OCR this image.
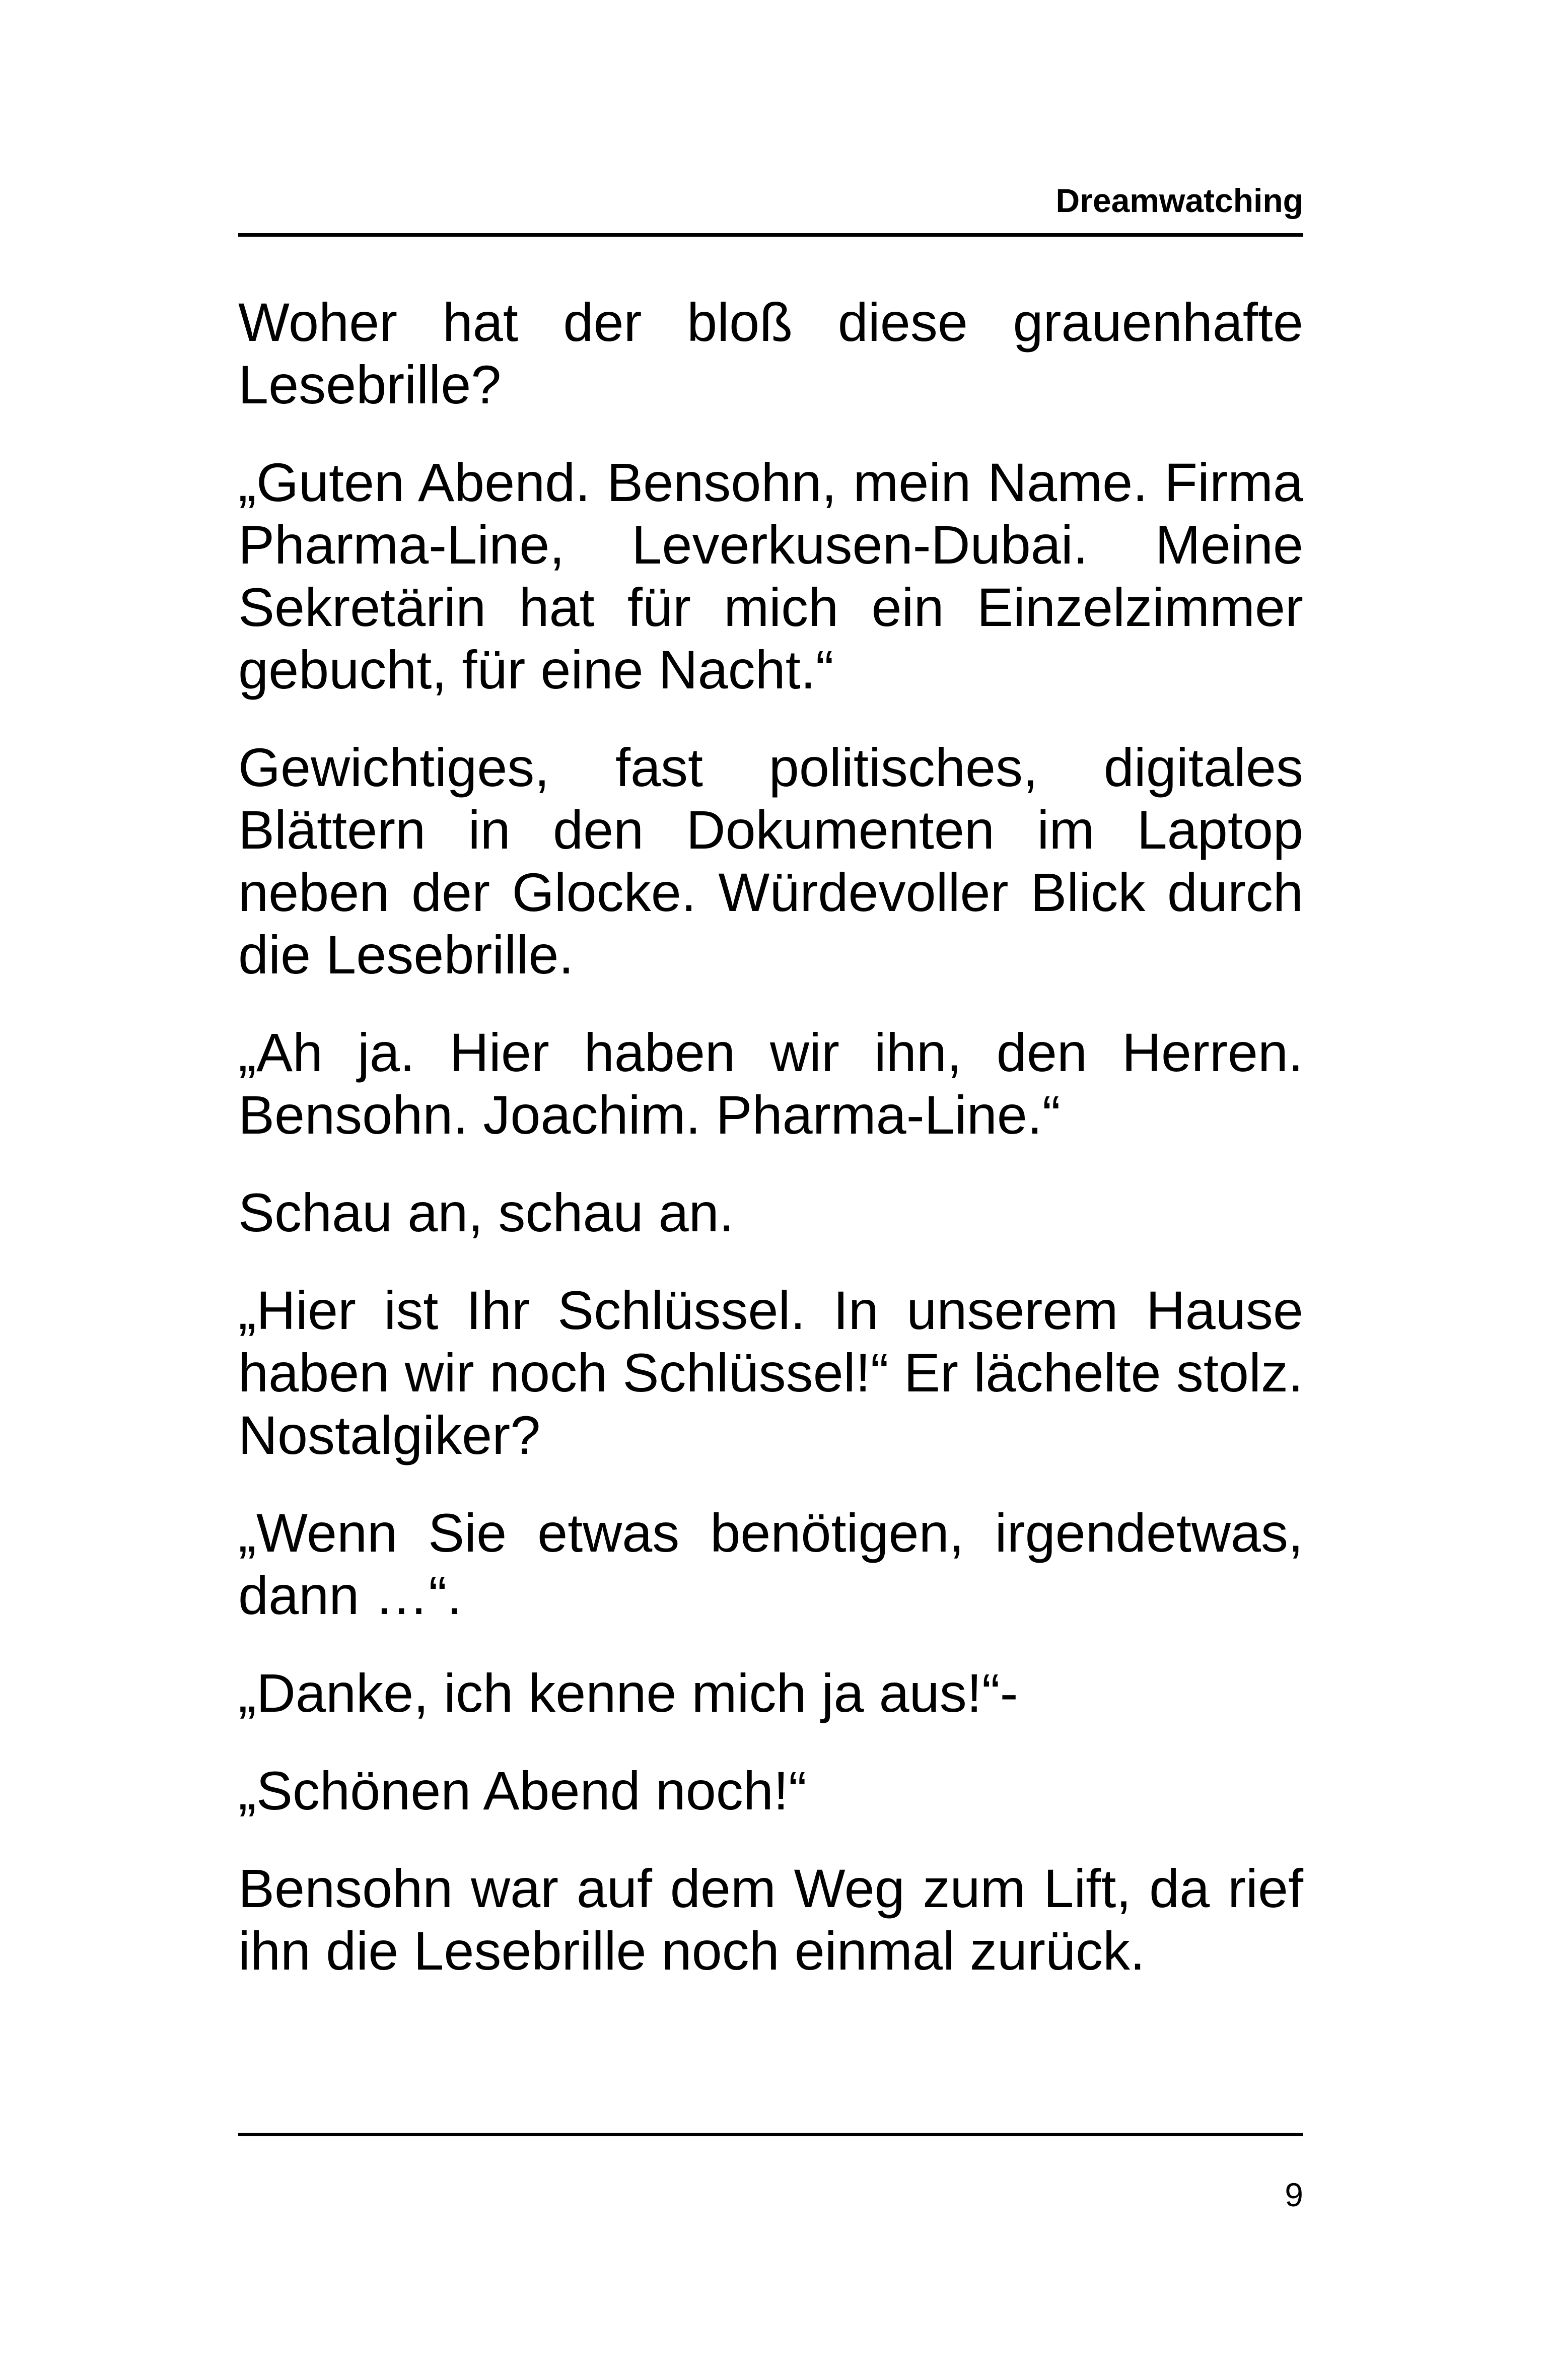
Dreamwatching

Woher hat der bloß diese grauenhafte Lesebrille?

„Guten Abend. Bensohn, mein Name. Firma Pharma-Line, Leverkusen-Dubai. Meine Sekretärin hat für mich ein Einzelzimmer gebucht, für eine Nacht.“

Gewichtiges, fast politisches, digitales Blättern in den Dokumenten im Laptop neben der Glocke. Würdevoller Blick durch die Lesebrille.

„Ah ja. Hier haben wir ihn, den Herren. Bensohn. Joachim. Pharma-Line.“

Schau an, schau an.

„Hier ist Ihr Schlüssel. In unserem Hause haben wir noch Schlüssel!“ Er lächelte stolz. Nostalgiker?

„Wenn Sie etwas benötigen, irgendetwas, dann …“.

„Danke, ich kenne mich ja aus!“-

„Schönen Abend noch!“

Bensohn war auf dem Weg zum Lift, da rief ihn die Lesebrille noch einmal zurück.

9
